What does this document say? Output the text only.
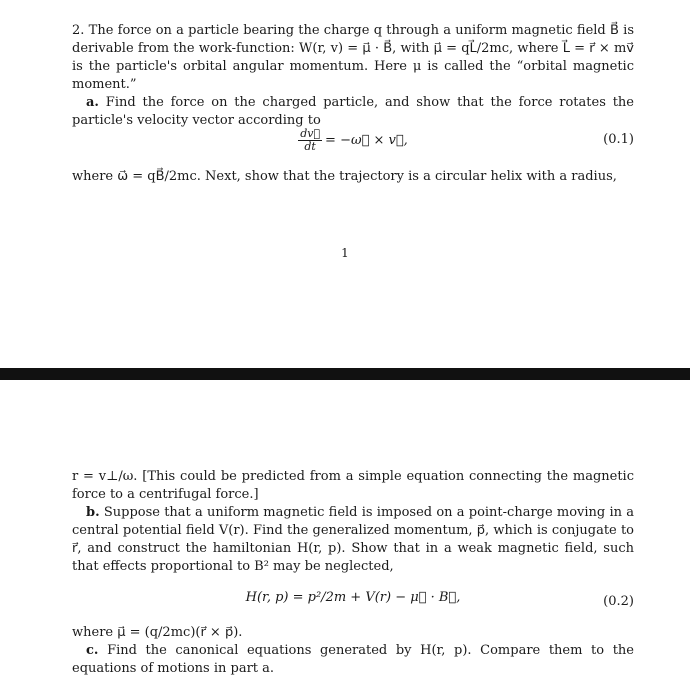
2. The force on a particle bearing the charge q through a uniform magnetic field B⃗ is derivable from the work-function: W(r, v) = μ⃗ · B⃗, with μ⃗ = qL⃗/2mc, where L⃗ = r⃗ × mv⃗ is the particle's orbital angular momentum. Here μ is called the “orbital magnetic moment.”
a. Find the force on the charged particle, and show that the force rotates the particle's velocity vector according to
$\frac{dv⃗}{dt}$ = −ω⃗ × v⃗,	(0.1)
where ω⃗ = qB⃗/2mc. Next, show that the trajectory is a circular helix with a radius,
1
r = v⊥/ω. [This could be predicted from a simple equation connecting the magnetic force to a centrifugal force.]
b. Suppose that a uniform magnetic field is imposed on a point-charge moving in a central potential field V(r). Find the generalized momentum, p⃗, which is conjugate to r⃗, and construct the hamiltonian H(r, p). Show that in a weak magnetic field, such that effects proportional to B² may be neglected,
H(r, p) = p²/2m + V(r) − μ⃗ · B⃗,	(0.2)
where μ⃗ = (q/2mc)(r⃗ × p⃗).
c. Find the canonical equations generated by H(r, p). Compare them to the equations of motions in part a.
